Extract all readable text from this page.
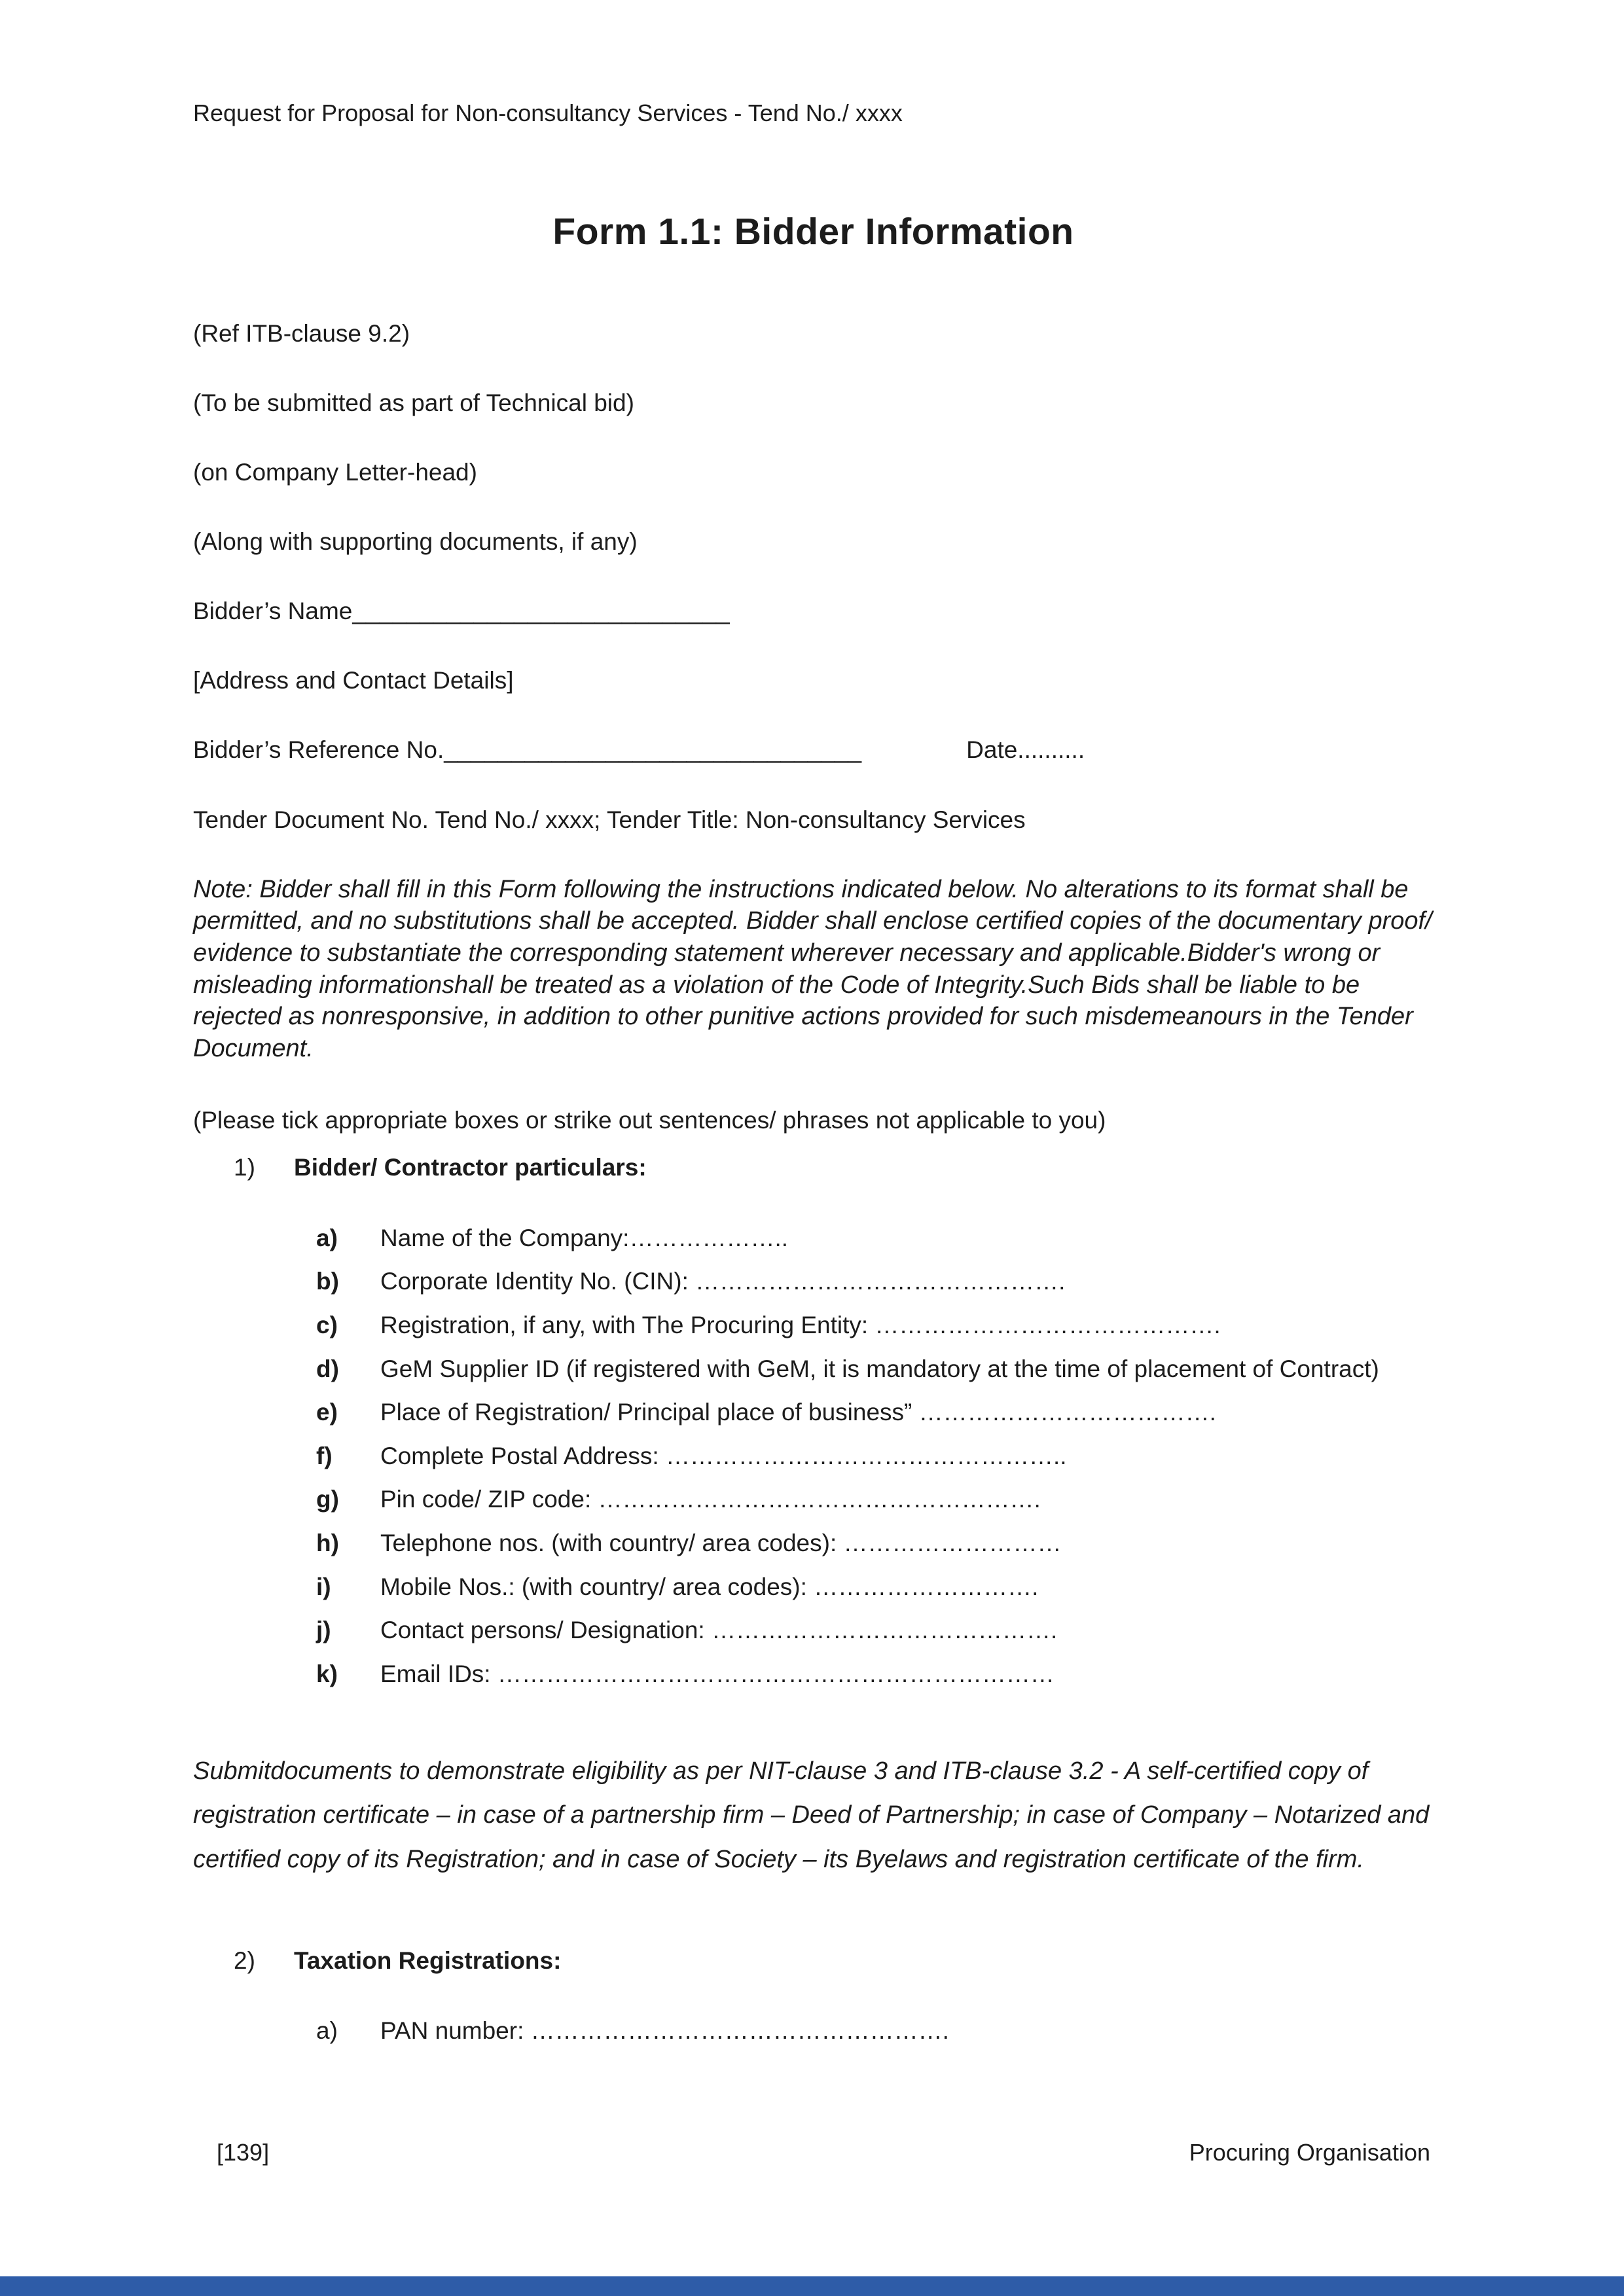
Request for Proposal for Non-consultancy Services - Tend No./ xxxx
Form 1.1: Bidder Information

(Ref ITB-clause 9.2)

(To be submitted as part of Technical bid)

(on Company Letter-head)

(Along with supporting documents, if any)

Bidder’s Name____________________________

[Address and Contact Details]

Bidder’s Reference No._______________________________	Date..........

Tender Document No. Tend No./ xxxx; Tender Title: Non-consultancy Services

Note: Bidder shall fill in this Form following the instructions indicated below. No alterations to its format shall be permitted, and no substitutions shall be accepted. Bidder shall enclose certified copies of the documentary proof/ evidence to substantiate the corresponding statement wherever necessary and applicable.Bidder's wrong or misleading informationshall be treated as a violation of the Code of Integrity.Such Bids shall be liable to be rejected as nonresponsive, in addition to other punitive actions provided for such misdemeanours in the Tender Document.

(Please tick appropriate boxes or strike out sentences/ phrases not applicable to you)

1)	Bidder/ Contractor particulars:
a)	Name of the Company:………………..
b)	Corporate Identity No. (CIN): ……………………………………….
c)	Registration, if any, with The Procuring Entity: …………………………………….
d)	GeM Supplier ID (if registered with GeM, it is mandatory at the time of placement of Contract)
e)	Place of Registration/ Principal place of business” ……………………………….
f)	Complete Postal Address: …………………………………………..
g)	Pin code/ ZIP code: ……………………………………………….
h)	Telephone nos. (with country/ area codes): ………………………
i)	Mobile Nos.: (with country/ area codes): ……………………….
j)	Contact persons/ Designation: …………………………………….
k)	Email IDs: ……………………………………………………………

Submitdocuments to demonstrate eligibility as per NIT-clause 3 and ITB-clause 3.2 - A self-certified copy of registration certificate – in case of a partnership firm – Deed of Partnership; in case of Company – Notarized and certified copy of its Registration; and in case of Society – its Byelaws and registration certificate of the firm.

2)	Taxation Registrations:
a)	PAN number: …………………………………………….
[139]	Procuring Organisation
